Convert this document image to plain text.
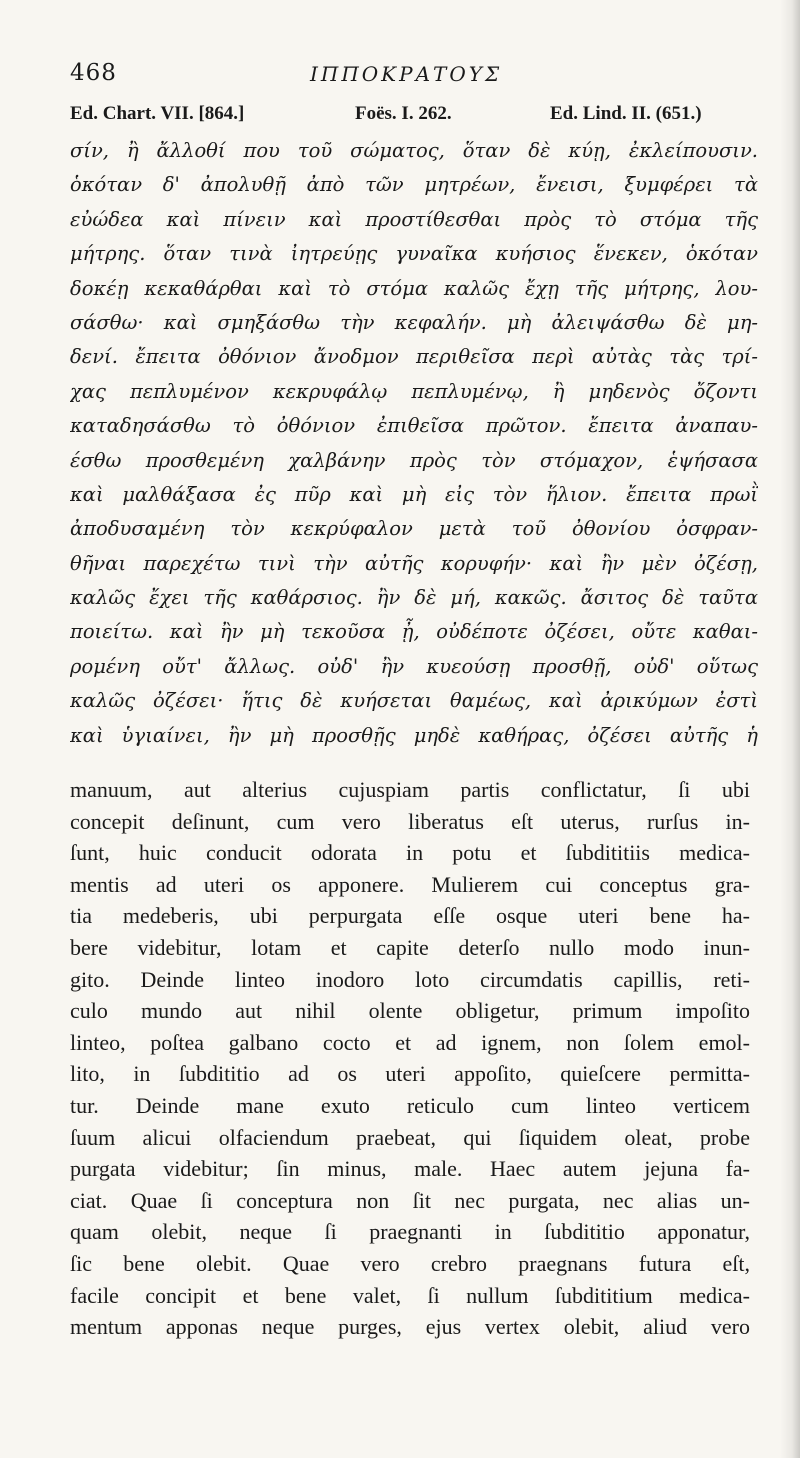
468	ΙΠΠΟΚΡΑΤΟΥΣ
Ed. Chart. VII. [864.]	Foës. I. 262.	Ed. Lind. II. (651.)
σίν, ἢ ἄλλοθί που τοῦ σώματος, ὅταν δὲ κύῃ, ἐκλείπουσιν.
ὁκόταν δ' ἀπολυθῇ ἀπὸ τῶν μητρέων, ἔνεισι, ξυμφέρει τὰ
εὐώδεα καὶ πίνειν καὶ προστίθεσθαι πρὸς τὸ στόμα τῆς
μήτρης. ὅταν τινὰ ἰητρεύῃς γυναῖκα κυήσιος ἕνεκεν, ὁκόταν
δοκέῃ κεκαθάρθαι καὶ τὸ στόμα καλῶς ἔχῃ τῆς μήτρης, λου-
σάσθω· καὶ σμηξάσθω τὴν κεφαλήν. μὴ ἀλειψάσθω δὲ μη-
δενί. ἔπειτα ὀθόνιον ἄνοδμον περιθεῖσα περὶ αὐτὰς τὰς τρί-
χας πεπλυμένον κεκρυφάλῳ πεπλυμένῳ, ἢ μηδενὸς ὄζοντι
καταδησάσθω τὸ ὀθόνιον ἐπιθεῖσα πρῶτον. ἔπειτα ἀναπαυ-
έσθω προσθεμένη χαλβάνην πρὸς τὸν στόμαχον, ἑψήσασα
καὶ μαλθάξασα ἐς πῦρ καὶ μὴ εἰς τὸν ἥλιον. ἔπειτα πρωῒ
ἀποδυσαμένη τὸν κεκρύφαλον μετὰ τοῦ ὀθονίου ὀσφραν-
θῆναι παρεχέτω τινὶ τὴν αὐτῆς κορυφήν· καὶ ἢν μὲν ὀζέσῃ,
καλῶς ἔχει τῆς καθάρσιος. ἢν δὲ μή, κακῶς. ἄσιτος δὲ ταῦτα
ποιείτω. καὶ ἢν μὴ τεκοῦσα ᾖ, οὐδέποτε ὀζέσει, οὔτε καθαι-
ρομένη οὔτ' ἄλλως. οὐδ' ἢν κυεούσῃ προσθῇ, οὐδ' οὕτως
καλῶς ὀζέσει· ἥτις δὲ κυήσεται θαμέως, καὶ ἀρικύμων ἐστὶ
καὶ ὑγιαίνει, ἢν μὴ προσθῇς μηδὲ καθήρας, ὀζέσει αὐτῆς ἡ
manuum, aut alterius cujuspiam partis conflictatur, ſi ubi
concepit deſinunt, cum vero liberatus eſt uterus, rurſus in-
ſunt, huic conducit odorata in potu et ſubdititiis medica-
mentis ad uteri os apponere. Mulierem cui conceptus gra-
tia medeberis, ubi perpurgata eſſe osque uteri bene ha-
bere videbitur, lotam et capite deterſo nullo modo inun-
gito. Deinde linteo inodoro loto circumdatis capillis, reti-
culo mundo aut nihil olente obligetur, primum impoſito
linteo, poſtea galbano cocto et ad ignem, non ſolem emol-
lito, in ſubdititio ad os uteri appoſito, quieſcere permitta-
tur. Deinde mane exuto reticulo cum linteo verticem
ſuum alicui olfaciendum praebeat, qui ſiquidem oleat, probe
purgata videbitur; ſin minus, male. Haec autem jejuna fa-
ciat. Quae ſi conceptura non ſit nec purgata, nec alias un-
quam olebit, neque ſi praegnanti in ſubdititio apponatur,
ſic bene olebit. Quae vero crebro praegnans futura eſt,
facile concipit et bene valet, ſi nullum ſubdititium medica-
mentum apponas neque purges, ejus vertex olebit, aliud vero
